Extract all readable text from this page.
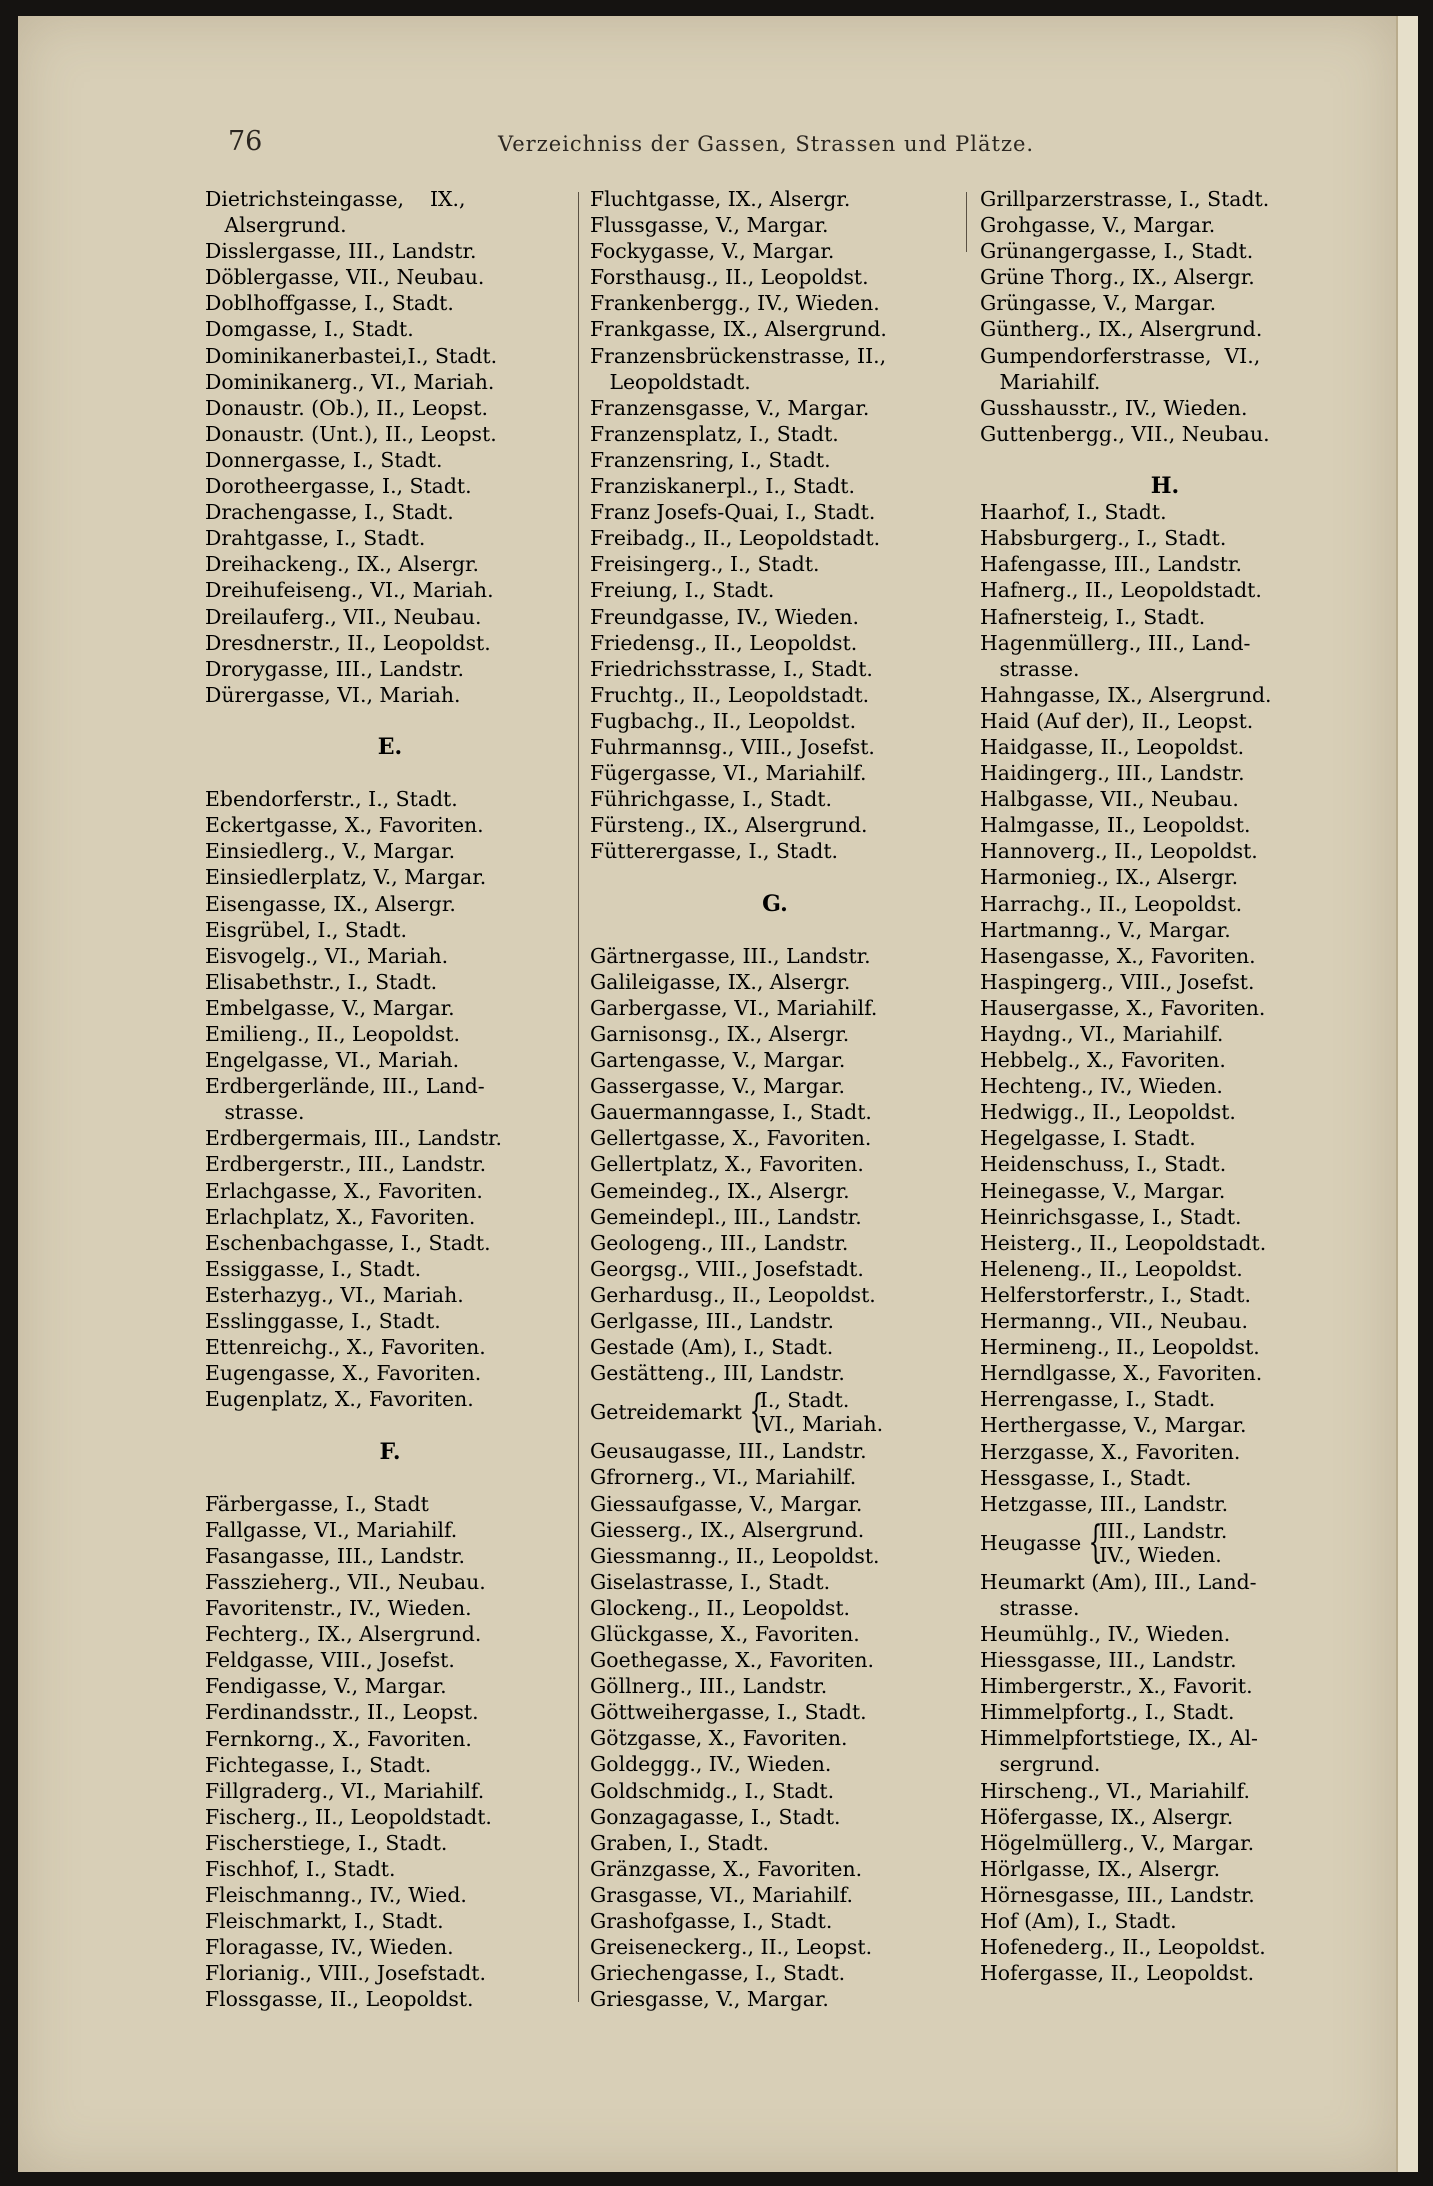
76	Verzeichniss der Gassen, Strassen und Plätze.
Dietrichsteingasse,    IX.,
Alsergrund.
Disslergasse, III., Landstr.
Döblergasse, VII., Neubau.
Doblhoffgasse, I., Stadt.
Domgasse, I., Stadt.
Dominikanerbastei,I., Stadt.
Dominikanerg., VI., Mariah.
Donaustr. (Ob.), II., Leopst.
Donaustr. (Unt.), II., Leopst.
Donnergasse, I., Stadt.
Dorotheergasse, I., Stadt.
Drachengasse, I., Stadt.
Drahtgasse, I., Stadt.
Dreihackeng., IX., Alsergr.
Dreihufeiseng., VI., Mariah.
Dreilauferg., VII., Neubau.
Dresdnerstr., II., Leopoldst.
Drorygasse, III., Landstr.
Dürergasse, VI., Mariah.
E.
Ebendorferstr., I., Stadt.
Eckertgasse, X., Favoriten.
Einsiedlerg., V., Margar.
Einsiedlerplatz, V., Margar.
Eisengasse, IX., Alsergr.
Eisgrübel, I., Stadt.
Eisvogelg., VI., Mariah.
Elisabethstr., I., Stadt.
Embelgasse, V., Margar.
Emilieng., II., Leopoldst.
Engelgasse, VI., Mariah.
Erdbergerlände, III., Land-
strasse.
Erdbergermais, III., Landstr.
Erdbergerstr., III., Landstr.
Erlachgasse, X., Favoriten.
Erlachplatz, X., Favoriten.
Eschenbachgasse, I., Stadt.
Essiggasse, I., Stadt.
Esterhazyg., VI., Mariah.
Esslinggasse, I., Stadt.
Ettenreichg., X., Favoriten.
Eugengasse, X., Favoriten.
Eugenplatz, X., Favoriten.
F.
Färbergasse, I., Stadt
Fallgasse, VI., Mariahilf.
Fasangasse, III., Landstr.
Fasszieherg., VII., Neubau.
Favoritenstr., IV., Wieden.
Fechterg., IX., Alsergrund.
Feldgasse, VIII., Josefst.
Fendigasse, V., Margar.
Ferdinandsstr., II., Leopst.
Fernkorng., X., Favoriten.
Fichtegasse, I., Stadt.
Fillgraderg., VI., Mariahilf.
Fischerg., II., Leopoldstadt.
Fischerstiege, I., Stadt.
Fischhof, I., Stadt.
Fleischmanng., IV., Wied.
Fleischmarkt, I., Stadt.
Floragasse, IV., Wieden.
Florianig., VIII., Josefstadt.
Flossgasse, II., Leopoldst.
Fluchtgasse, IX., Alsergr.
Flussgasse, V., Margar.
Fockygasse, V., Margar.
Forsthausg., II., Leopoldst.
Frankenbergg., IV., Wieden.
Frankgasse, IX., Alsergrund.
Franzensbrückenstrasse, II.,
Leopoldstadt.
Franzensgasse, V., Margar.
Franzensplatz, I., Stadt.
Franzensring, I., Stadt.
Franziskanerpl., I., Stadt.
Franz Josefs-Quai, I., Stadt.
Freibadg., II., Leopoldstadt.
Freisingerg., I., Stadt.
Freiung, I., Stadt.
Freundgasse, IV., Wieden.
Friedensg., II., Leopoldst.
Friedrichsstrasse, I., Stadt.
Fruchtg., II., Leopoldstadt.
Fugbachg., II., Leopoldst.
Fuhrmannsg., VIII., Josefst.
Fügergasse, VI., Mariahilf.
Führichgasse, I., Stadt.
Fürsteng., IX., Alsergrund.
Fütterergasse, I., Stadt.
G.
Gärtnergasse, III., Landstr.
Galileigasse, IX., Alsergr.
Garbergasse, VI., Mariahilf.
Garnisonsg., IX., Alsergr.
Gartengasse, V., Margar.
Gassergasse, V., Margar.
Gauermanngasse, I., Stadt.
Gellertgasse, X., Favoriten.
Gellertplatz, X., Favoriten.
Gemeindeg., IX., Alsergr.
Gemeindepl., III., Landstr.
Geologeng., III., Landstr.
Georgsg., VIII., Josefstadt.
Gerhardusg., II., Leopoldst.
Gerlgasse, III., Landstr.
Gestade (Am), I., Stadt.
Gestätteng., III, Landstr.
Getreidemarkt {
I., Stadt.
VI., Mariah.
Geusaugasse, III., Landstr.
Gfrornerg., VI., Mariahilf.
Giessaufgasse, V., Margar.
Giesserg., IX., Alsergrund.
Giessmanng., II., Leopoldst.
Giselastrasse, I., Stadt.
Glockeng., II., Leopoldst.
Glückgasse, X., Favoriten.
Goethegasse, X., Favoriten.
Göllnerg., III., Landstr.
Göttweihergasse, I., Stadt.
Götzgasse, X., Favoriten.
Goldeggg., IV., Wieden.
Goldschmidg., I., Stadt.
Gonzagagasse, I., Stadt.
Graben, I., Stadt.
Gränzgasse, X., Favoriten.
Grasgasse, VI., Mariahilf.
Grashofgasse, I., Stadt.
Greiseneckerg., II., Leopst.
Griechengasse, I., Stadt.
Griesgasse, V., Margar.
Grillparzerstrasse, I., Stadt.
Grohgasse, V., Margar.
Grünangergasse, I., Stadt.
Grüne Thorg., IX., Alsergr.
Grüngasse, V., Margar.
Güntherg., IX., Alsergrund.
Gumpendorferstrasse,  VI.,
Mariahilf.
Gusshausstr., IV., Wieden.
Guttenbergg., VII., Neubau.
H.
Haarhof, I., Stadt.
Habsburgerg., I., Stadt.
Hafengasse, III., Landstr.
Hafnerg., II., Leopoldstadt.
Hafnersteig, I., Stadt.
Hagenmüllerg., III., Land-
strasse.
Hahngasse, IX., Alsergrund.
Haid (Auf der), II., Leopst.
Haidgasse, II., Leopoldst.
Haidingerg., III., Landstr.
Halbgasse, VII., Neubau.
Halmgasse, II., Leopoldst.
Hannoverg., II., Leopoldst.
Harmonieg., IX., Alsergr.
Harrachg., II., Leopoldst.
Hartmanng., V., Margar.
Hasengasse, X., Favoriten.
Haspingerg., VIII., Josefst.
Hausergasse, X., Favoriten.
Haydng., VI., Mariahilf.
Hebbelg., X., Favoriten.
Hechteng., IV., Wieden.
Hedwigg., II., Leopoldst.
Hegelgasse, I. Stadt.
Heidenschuss, I., Stadt.
Heinegasse, V., Margar.
Heinrichsgasse, I., Stadt.
Heisterg., II., Leopoldstadt.
Heleneng., II., Leopoldst.
Helferstorferstr., I., Stadt.
Hermanng., VII., Neubau.
Hermineng., II., Leopoldst.
Herndlgasse, X., Favoriten.
Herrengasse, I., Stadt.
Herthergasse, V., Margar.
Herzgasse, X., Favoriten.
Hessgasse, I., Stadt.
Hetzgasse, III., Landstr.
Heugasse {
III., Landstr.
IV., Wieden.
Heumarkt (Am), III., Land-
strasse.
Heumühlg., IV., Wieden.
Hiessgasse, III., Landstr.
Himbergerstr., X., Favorit.
Himmelpfortg., I., Stadt.
Himmelpfortstiege, IX., Al-
sergrund.
Hirscheng., VI., Mariahilf.
Höfergasse, IX., Alsergr.
Högelmüllerg., V., Margar.
Hörlgasse, IX., Alsergr.
Hörnesgasse, III., Landstr.
Hof (Am), I., Stadt.
Hofenederg., II., Leopoldst.
Hofergasse, II., Leopoldst.
